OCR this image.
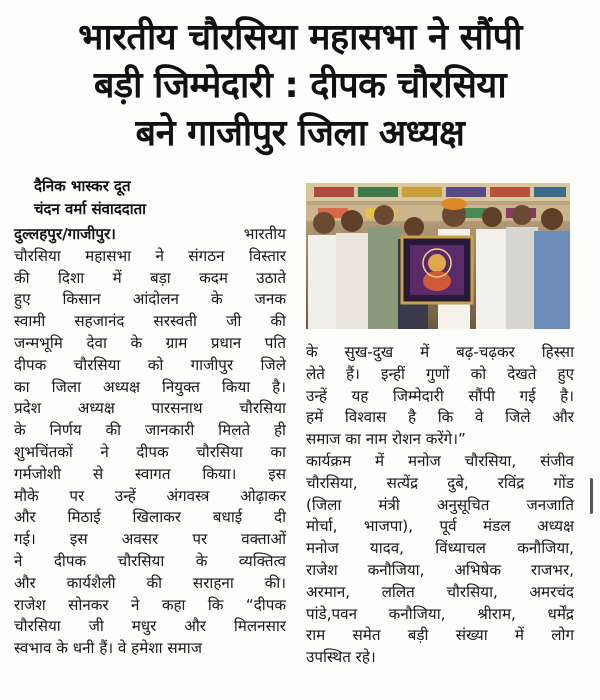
भारतीय चौरसिया महासभा ने सौंपी
बड़ी जिम्मेदारी : दीपक चौरसिया
बने गाजीपुर जिला अध्यक्ष
दैनिक भास्कर दूत
चंदन वर्मा संवाददाता
दुल्लहपुर/गाजीपुर। भारतीय
चौरसिया महासभा ने संगठन विस्तार
की दिशा में बड़ा कदम उठाते
हुए किसान आंदोलन के जनक
स्वामी सहजानंद सरस्वती जी की
जन्मभूमि देवा के ग्राम प्रधान पति
दीपक चौरसिया को गाजीपुर जिले
का जिला अध्यक्ष नियुक्त किया है।
प्रदेश अध्यक्ष पारसनाथ चौरसिया
के निर्णय की जानकारी मिलते ही
शुभचिंतकों ने दीपक चौरसिया का
गर्मजोशी से स्वागत किया। इस
मौके पर उन्हें अंगवस्त्र ओढ़ाकर
और मिठाई खिलाकर बधाई दी
गई। इस अवसर पर वक्ताओं
ने दीपक चौरसिया के व्यक्तित्व
और कार्यशैली की सराहना की।
राजेश सोनकर ने कहा कि “दीपक
चौरसिया जी मधुर और मिलनसार
स्वभाव के धनी हैं। वे हमेशा समाज
के सुख-दुख में बढ़-चढ़कर हिस्सा
लेते हैं। इन्हीं गुणों को देखते हुए
उन्हें यह जिम्मेदारी सौंपी गई है।
हमें विश्वास है कि वे जिले और
समाज का नाम रोशन करेंगे।”
कार्यक्रम में मनोज चौरसिया, संजीव
चौरसिया, सत्येंद्र दुबे, रविंद्र गोंड
(जिला मंत्री अनुसूचित जनजाति
मोर्चा, भाजपा), पूर्व मंडल अध्यक्ष
मनोज यादव, विंध्याचल कनौजिया,
राजेश कनौजिया, अभिषेक राजभर,
अरमान, ललित चौरसिया, अमरचंद
पांडे,पवन कनौजिया, श्रीराम, धर्मेंद्र
राम समेत बड़ी संख्या में लोग
उपस्थित रहे।
